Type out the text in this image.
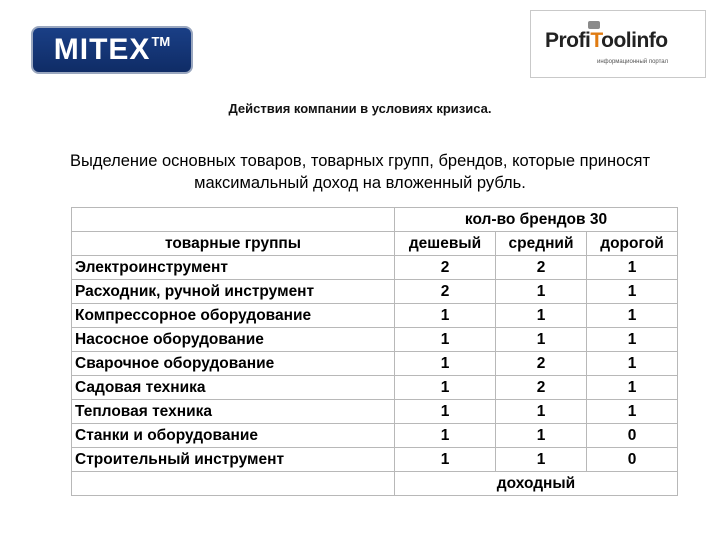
MITEX TM	ProfiToolinfo
информационный портал
Действия компании в условиях кризиса.
Выделение основных товаров, товарных групп, брендов, которые приносят максимальный доход на вложенный рубль.
	кол-во брендов 30		
товарные группы	дешевый	средний	дорогой
Электроинструмент	2	2	1
Расходник, ручной инструмент	2	1	1
Компрессорное оборудование	1	1	1
Насосное оборудование	1	1	1
Сварочное оборудование	1	2	1
Садовая техника	1	2	1
Тепловая техника	1	1	1
Станки и оборудование	1	1	0
Строительный инструмент	1	1	0
	доходный		
